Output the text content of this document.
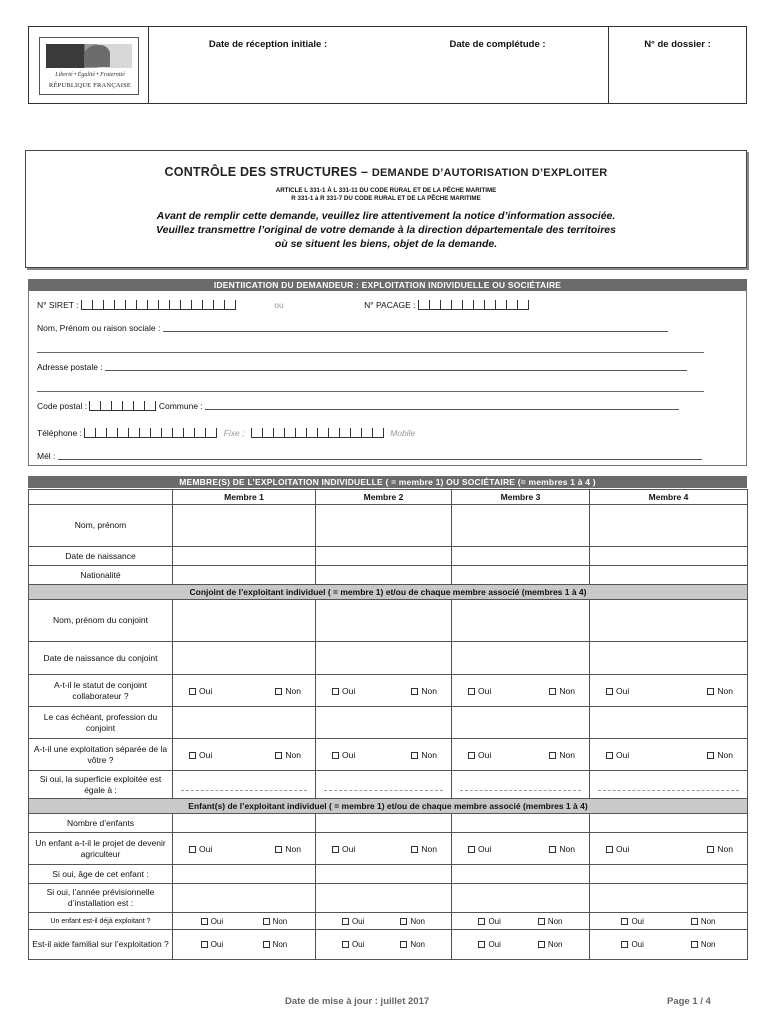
Liberté • Égalité • Fraternité
RÉPUBLIQUE FRANÇAISE
Date de réception initiale :	Date de complétude :	N° de dossier :
CONTRÔLE DES STRUCTURES – DEMANDE D’AUTORISATION D’EXPLOITER
ARTICLE L 331-1 À L 331-11 DU CODE RURAL ET DE LA PÊCHE MARITIME
R 331-1 à R 331-7 DU CODE RURAL ET DE LA PÊCHE MARITIME
Avant de remplir cette demande, veuillez lire attentivement la notice d’information associée.
Veuillez transmettre l’original de votre demande à la direction départementale des territoires
où se situent les biens, objet de la demande.
IDENTIICATION DU DEMANDEUR : EXPLOITATION INDIVIDUELLE OU SOCIÉTAIRE
N° SIRET :	ou	N° PACAGE :
Nom, Prénom ou raison sociale :
Adresse postale :
Code postal :	Commune :
Téléphone :	Fixe ;	Mobile
Mél :
MEMBRE(S) DE L’EXPLOITATION INDIVIDUELLE ( = membre 1) OU SOCIÉTAIRE (= membres 1 à 4 )
	Membre 1	Membre 2	Membre 3	Membre 4
Nom, prénom				
Date de naissance				
Nationalité				
Conjoint de l’exploitant individuel ( = membre 1) et/ou de chaque membre associé (membres 1 à 4)				
Nom, prénom du conjoint				
Date de naissance du conjoint				
A-t-il le statut de conjoint collaborateur ?	Oui Non	Oui Non	Oui Non	Oui Non

Le cas échéant, profession du conjoint				
A-t-il une exploitation séparée de la vôtre ?	Oui Non	Oui Non	Oui Non	Oui Non

Si oui, la superficie exploitée est égale à :	

Enfant(s) de l’exploitant individuel ( = membre 1) et/ou de chaque membre associé (membres 1 à 4)				
Nombre d’enfants				
Un enfant a-t-il le projet de devenir agriculteur	Oui Non	Oui Non	Oui Non	Oui Non

Si oui, âge de cet enfant :				
Si oui, l’année prévisionnelle d’installation est :				
Un enfant est-il déjà exploitant ?	Oui Non	Oui Non	Oui Non	Oui Non

Est-il aide familial sur l’exploitation ?	Oui Non	Oui Non	Oui Non	Oui Non
Date de mise à jour : juillet 2017	Page 1 / 4
